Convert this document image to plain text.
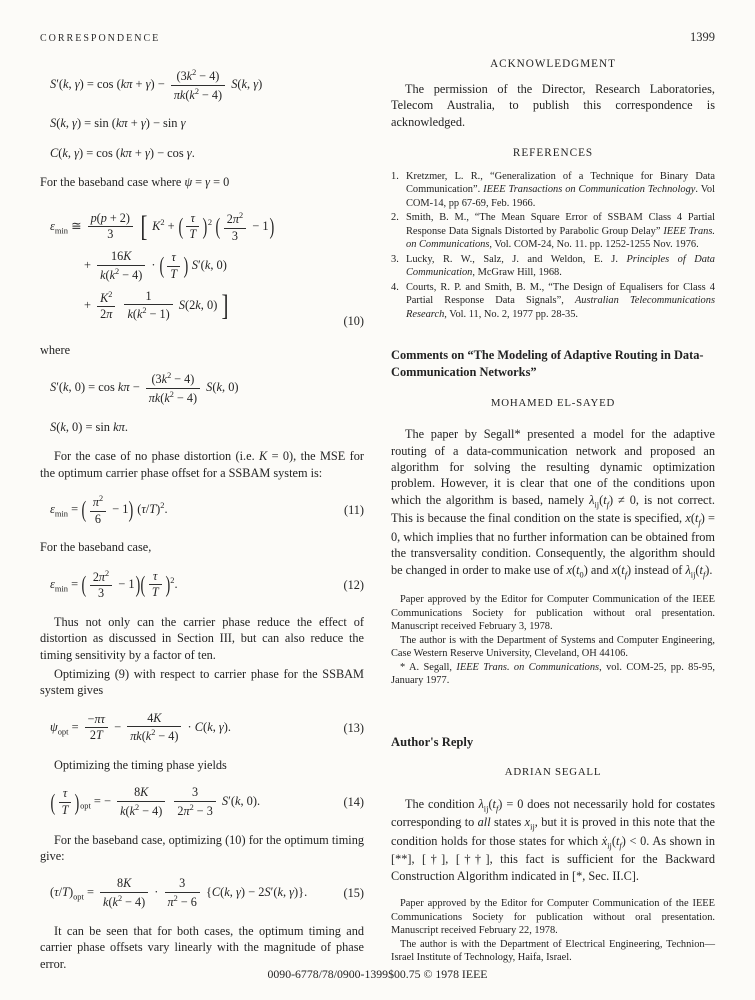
CORRESPONDENCE	1399
S′(k, $\gamma) = \cos (k\pi + \gamma) - \frac{(3k^2 - 4)}{\pi k(k^2 - 4)} S(k$, γ)
S(k, γ) = sin (kπ + γ) − sin γ
C(k, γ) = cos (kπ + γ) − cos γ.

For the baseband case where ψ = γ = 0

$\varepsilon_{min}$ ≅ $\frac{p(p + 2)}{3}$ [ $K^2$ + ( $\frac{\tau}{T} )^2$ ( $\frac{2\pi^2}{3} - 1$)
+ $\frac{16K}{k(k^2 - 4)}$ · ( $\frac{\tau}{T}$ ) S′(k, 0)
+ $\frac{K^2}{2\pi}$
$\frac{1}{k(k^2 - 1)} S(2k$, 0) ]	(10)

where

S′(k, $0) = \cos k\pi - \frac{(3k^2 - 4)}{\pi k(k^2 - 4)} S(k$, 0)
S(k, 0) = sin kπ.

For the case of no phase distortion (i.e. K = 0), the MSE for the optimum carrier phase offset for a SSBAM system is:

$\varepsilon_{min}$ = ( $\frac{\pi^2}{6} - 1$) $(\tau/T)^2$.	(11)

For the baseband case,

$\varepsilon_{min}$ = ( $\frac{2\pi^2}{3} - 1)( \frac{\tau}{T} )^2$.	(12)

Thus not only can the carrier phase reduce the effect of distortion as discussed in Section III, but can also reduce the timing sensitivity by a factor of ten.

Optimizing (9) with respect to carrier phase for the SSBAM system gives

$\psi_{opt} = \frac{-\pi\tau}{2T} - \frac{4K}{\pi k(k^2 - 4)} \cdot C(k$, γ).	(13)

Optimizing the timing phase yields

( $\frac{\tau}{T} )_{opt}$ = − $\frac{8K}{k(k^2 - 4)}$
$\frac{3}{2\pi^2 - 3} S'(k$, 0).	(14)

For the baseband case, optimizing (10) for the optimum timing give:

$(\tau/T)_{opt} = \frac{8K}{k(k^2 - 4)} \cdot \frac{3}{\pi^2 - 6} \{C(k$, γ) − 2S′(k, γ)}.	(15)

It can be seen that for both cases, the optimum timing and carrier phase offsets vary linearly with the magnitude of phase error.

ACKNOWLEDGMENT

The permission of the Director, Research Laboratories, Telecom Australia, to publish this correspondence is acknowledged.

REFERENCES

1. Kretzmer, L. R., “Generalization of a Technique for Binary Data Communication”. IEEE Transactions on Communication Technology. Vol COM-14, pp 67-69, Feb. 1966.
2. Smith, B. M., “The Mean Square Error of SSBAM Class 4 Partial Response Data Signals Distorted by Parabolic Group Delay” IEEE Trans. on Communications, Vol. COM-24, No. 11. pp. 1252-1255 Nov. 1976.
3. Lucky, R. W., Salz, J. and Weldon, E. J. Principles of Data Communication, McGraw Hill, 1968.
4. Courts, R. P. and Smith, B. M., “The Design of Equalisers for Class 4 Partial Response Data Signals”, Australian Telecommunications Research, Vol. 11, No. 2, 1977 pp. 28-35.

Comments on “The Modeling of Adaptive Routing in Data-Communication Networks”

MOHAMED EL-SAYED

The paper by Segall* presented a model for the adaptive routing of a data-communication network and proposed an algorithm for solving the resulting dynamic optimization problem. However, it is clear that one of the conditions upon which the algorithm is based, namely $\lambda_{ij}(t_f) \ne 0$, is not correct. This is because the final condition on the state is specified, $x(t_f) = 0$, which implies that no further information can be obtained from the transversality condition. Consequently, the algorithm should be changed in order to make use of $x(t_0)$ and $x(t_f)$ instead of $\lambda_{ij}(t_f)$.

Paper approved by the Editor for Computer Communication of the IEEE Communications Society for publication without oral presentation. Manuscript received February 3, 1978.

The author is with the Department of Systems and Computer Engineering, Case Western Reserve University, Cleveland, OH 44106.

* A. Segall, IEEE Trans. on Communications, vol. COM-25, pp. 85-95, January 1977.

Author's Reply

ADRIAN SEGALL

The condition $\lambda_{ij}(t_f) = 0$ does not necessarily hold for costates corresponding to all states $x_{ij}$, but it is proved in this note that the condition holds for those states for which $ẋ_{ij}(t_f) < 0$. As shown in [**], [†], [††], this fact is sufficient for the Backward Construction Algorithm indicated in [*, Sec. II.C].

Paper approved by the Editor for Computer Communication of the IEEE Communications Society for publication without oral presentation. Manuscript received February 22, 1978.

The author is with the Department of Electrical Engineering, Technion—Israel Institute of Technology, Haifa, Israel.

0090-6778/78/0900-1399$00.75 © 1978 IEEE
